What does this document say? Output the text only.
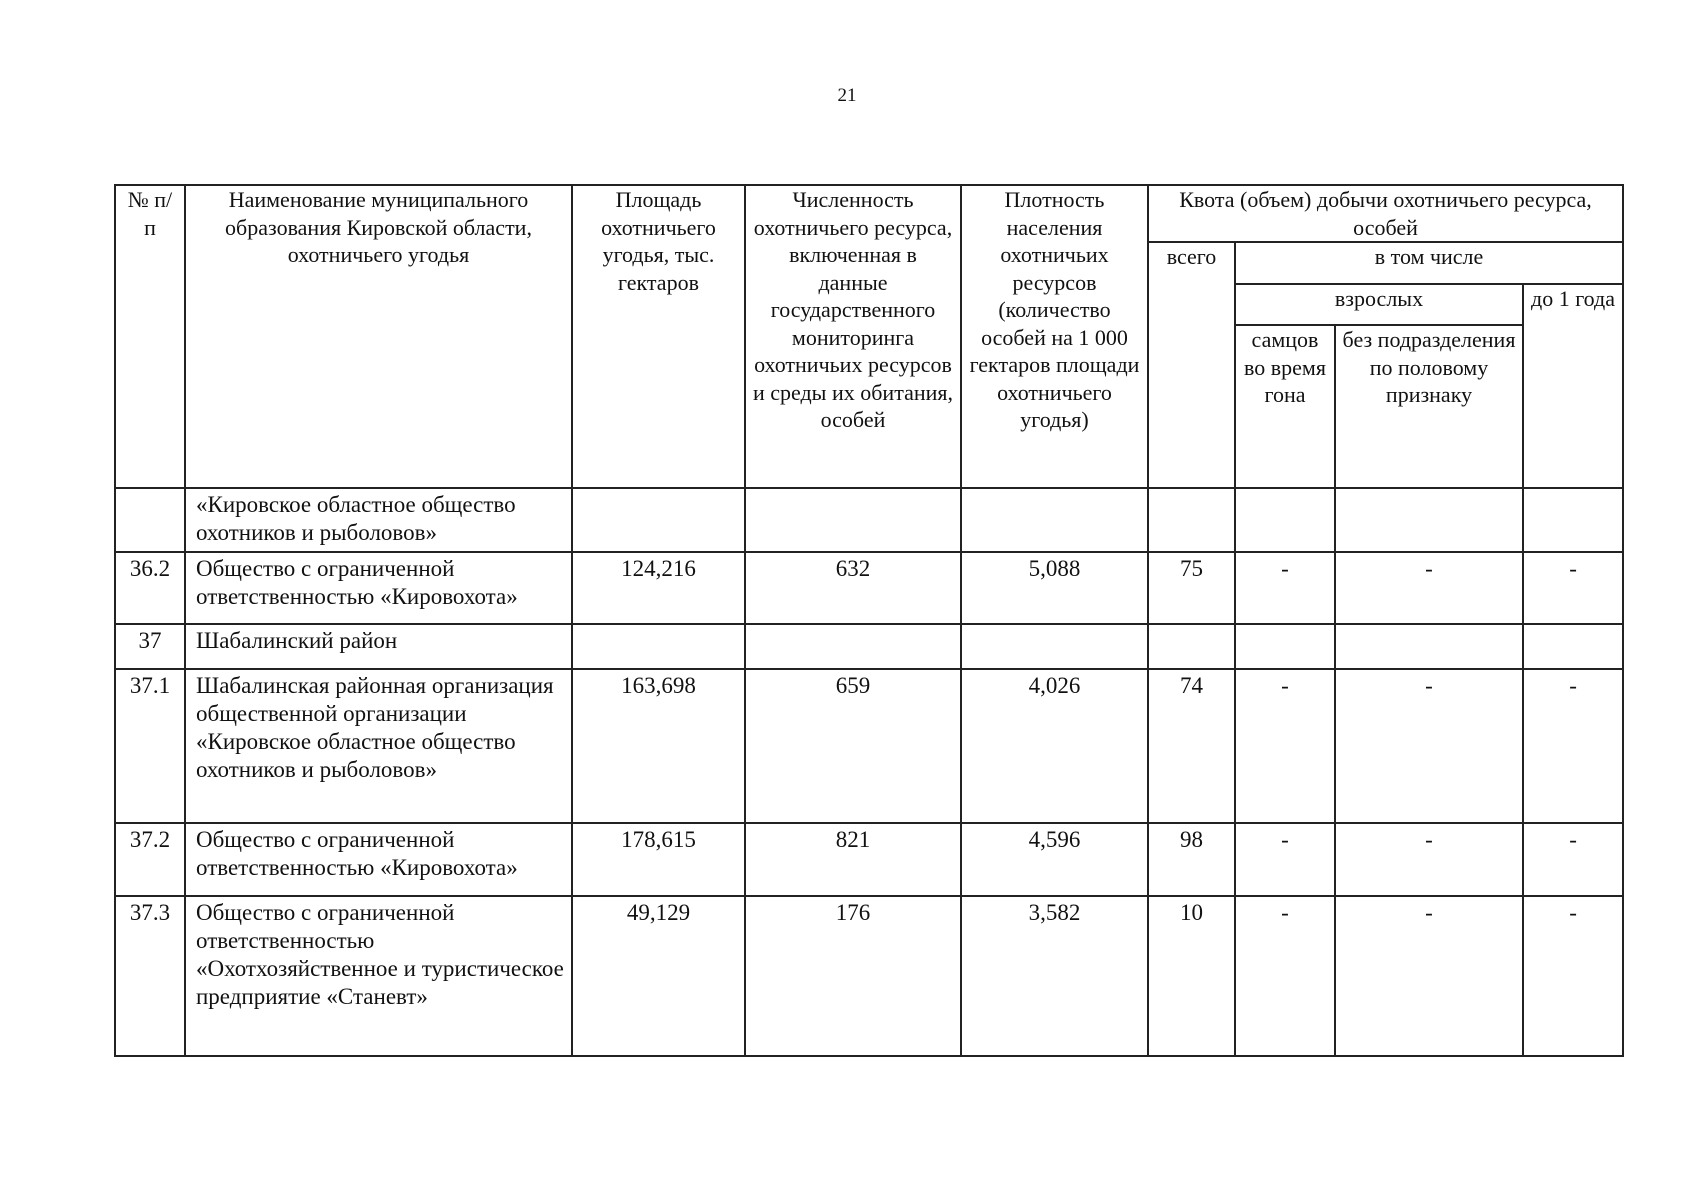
21
№ п/п	Наименование муниципального образования Кировской области, охотничьего угодья	Площадь охотничьего угодья, тыс. гектаров	Численность охотничьего ресурса, включенная в данные государственного мониторинга охотничьих ресурсов и среды их обитания, особей	Плотность населения охотничьих ресурсов (количество особей на 1 000 гектаров площади охотничьего угодья)	Квота (объем) добычи охотничьего ресурса, особей			
					всего	в том числе		
						взрослых		до 1 года
						самцов во время гона	без подразделения по половому признаку	
	«Кировское областное общество охотников и рыболовов»							
36.2	Общество с ограниченной ответственностью «Кировохота»	124,216	632	5,088	75	-	-	-
37	Шабалинский район							
37.1	Шабалинская районная организация общественной организации «Кировское областное общество охотников и рыболовов»	163,698	659	4,026	74	-	-	-
37.2	Общество с ограниченной ответственностью «Кировохота»	178,615	821	4,596	98	-	-	-
37.3	Общество с ограниченной ответственностью «Охотхозяйственное и туристическое предприятие «Станевт»	49,129	176	3,582	10	-	-	-
